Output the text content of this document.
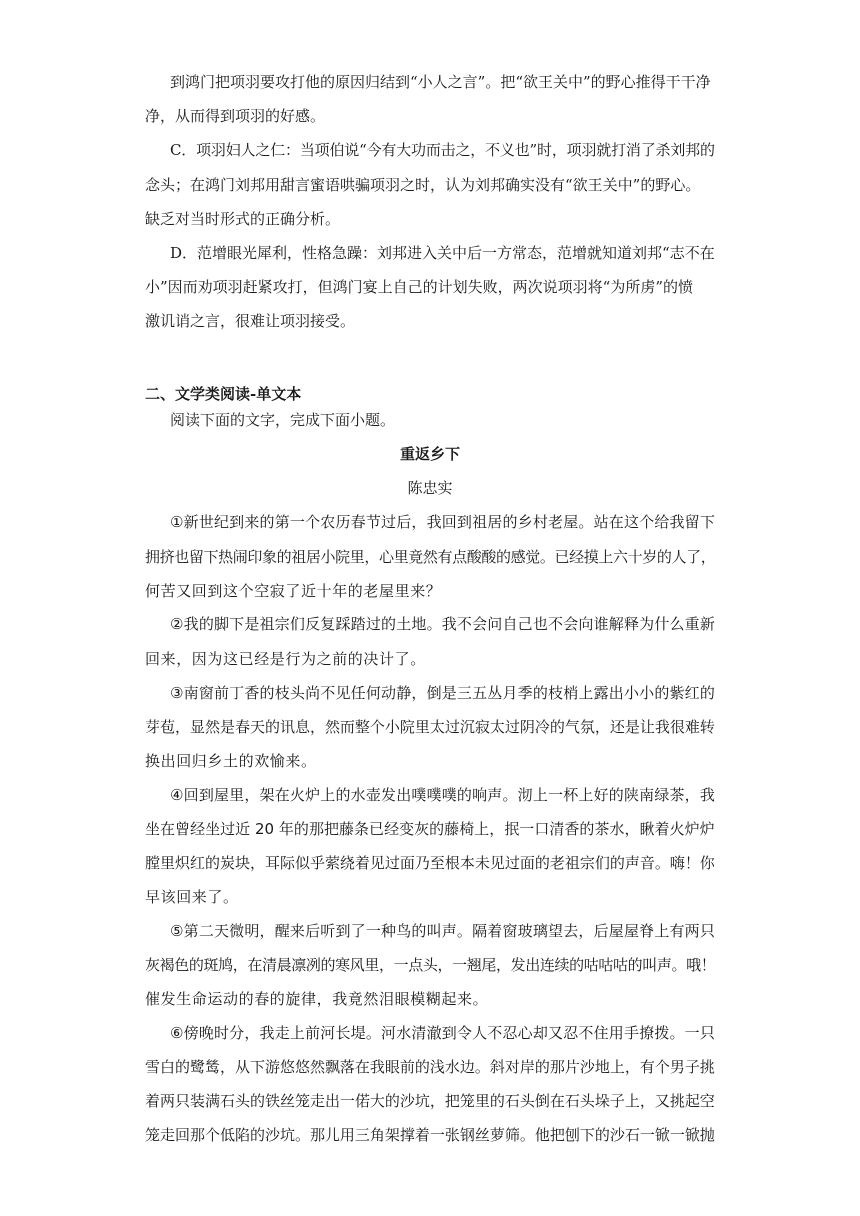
到鸿门把项羽要攻打他的原因归结到“小人之言”。把“欲王关中”的野心推得干干净
净，从而得到项羽的好感。
C．项羽妇人之仁：当项伯说“今有大功而击之，不义也”时，项羽就打消了杀刘邦的
念头；在鸿门刘邦用甜言蜜语哄骗项羽之时，认为刘邦确实没有“欲王关中”的野心。
缺乏对当时形式的正确分析。
D．范增眼光犀利，性格急躁：刘邦进入关中后一方常态，范增就知道刘邦“志不在
小”因而劝项羽赶紧攻打，但鸿门宴上自己的计划失败，两次说项羽将“为所虏”的愤
激讥诮之言，很难让项羽接受。
二、文学类阅读-单文本
阅读下面的文字，完成下面小题。
重返乡下
陈忠实
①新世纪到来的第一个农历春节过后，我回到祖居的乡村老屋。站在这个给我留下
拥挤也留下热闹印象的祖居小院里，心里竟然有点酸酸的感觉。已经摸上六十岁的人了，
何苦又回到这个空寂了近十年的老屋里来？
②我的脚下是祖宗们反复踩踏过的土地。我不会问自己也不会向谁解释为什么重新
回来，因为这已经是行为之前的决计了。
③南窗前丁香的枝头尚不见任何动静，倒是三五丛月季的枝梢上露出小小的紫红的
芽苞，显然是春天的讯息，然而整个小院里太过沉寂太过阴冷的气氛，还是让我很难转
换出回归乡土的欢愉来。
④回到屋里，架在火炉上的水壶发出噗噗噗的响声。沏上一杯上好的陕南绿茶，我
坐在曾经坐过近 20 年的那把藤条已经变灰的藤椅上，抿一口清香的茶水，瞅着火炉炉
膛里炽红的炭块，耳际似乎萦绕着见过面乃至根本未见过面的老祖宗们的声音。嗨！你
早该回来了。
⑤第二天微明，醒来后听到了一种鸟的叫声。隔着窗玻璃望去，后屋屋脊上有两只
灰褐色的斑鸠，在清晨凛冽的寒风里，一点头，一翘尾，发出连续的咕咕咕的叫声。哦！
催发生命运动的春的旋律，我竟然泪眼模糊起来。
⑥傍晚时分，我走上前河长堤。河水清澈到令人不忍心却又忍不住用手撩拨。一只
雪白的鹭鸶，从下游悠悠然飘落在我眼前的浅水边。斜对岸的那片沙地上，有个男子挑
着两只装满石头的铁丝笼走出一偌大的沙坑，把笼里的石头倒在石头垛子上，又挑起空
笼走回那个低陷的沙坑。那儿用三角架撑着一张钢丝萝筛。他把刨下的沙石一锨一锨抛
